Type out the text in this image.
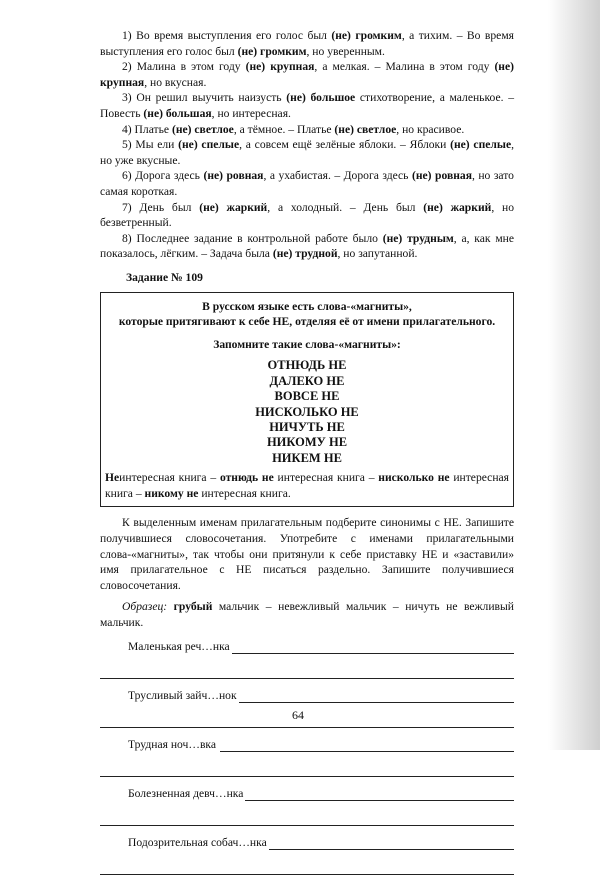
1) Во время выступления его голос был (не) громким, а тихим. – Во время выступления его голос был (не) громким, но уверенным.

2) Малина в этом году (не) крупная, а мелкая. – Малина в этом году (не) крупная, но вкусная.

3) Он решил выучить наизусть (не) большое стихотворение, а маленькое. – Повесть (не) большая, но интересная.

4) Платье (не) светлое, а тёмное. – Платье (не) светлое, но красивое.

5) Мы ели (не) спелые, а совсем ещё зелёные яблоки. – Яблоки (не) спелые, но уже вкусные.

6) Дорога здесь (не) ровная, а ухабистая. – Дорога здесь (не) ровная, но зато самая короткая.

7) День был (не) жаркий, а холодный. – День был (не) жаркий, но безветренный.

8) Последнее задание в контрольной работе было (не) трудным, а, как мне показалось, лёгким. – Задача была (не) трудной, но запутанной.

Задание № 109
В русском языке есть слова-«магниты»,
которые притягивают к себе НЕ, отделяя её от имени прилагательного.
Запомните такие слова-«магниты»:
ОТНЮДЬ НЕ
ДАЛЕКО НЕ
ВОВСЕ НЕ
НИСКОЛЬКО НЕ
НИЧУТЬ НЕ
НИКОМУ НЕ
НИКЕМ НЕ

Неинтересная книга – отнюдь не интересная книга – нисколько не интересная книга – никому не интересная книга.

К выделенным именам прилагательным подберите синонимы с НЕ. Запишите получившиеся словосочетания. Употребите с именами прилагательными слова-«магниты», так чтобы они притянули к себе приставку НЕ и «заставили» имя прилагательное с НЕ писаться раздельно. Запишите получившиеся словосочетания.

Образец: грубый мальчик – невежливый мальчик – ничуть не вежливый мальчик.

Маленькая реч…нка
Трусливый зайч…нок
Трудная ноч…вка
Болезненная девч…нка
Подозрительная собач…нка
64
